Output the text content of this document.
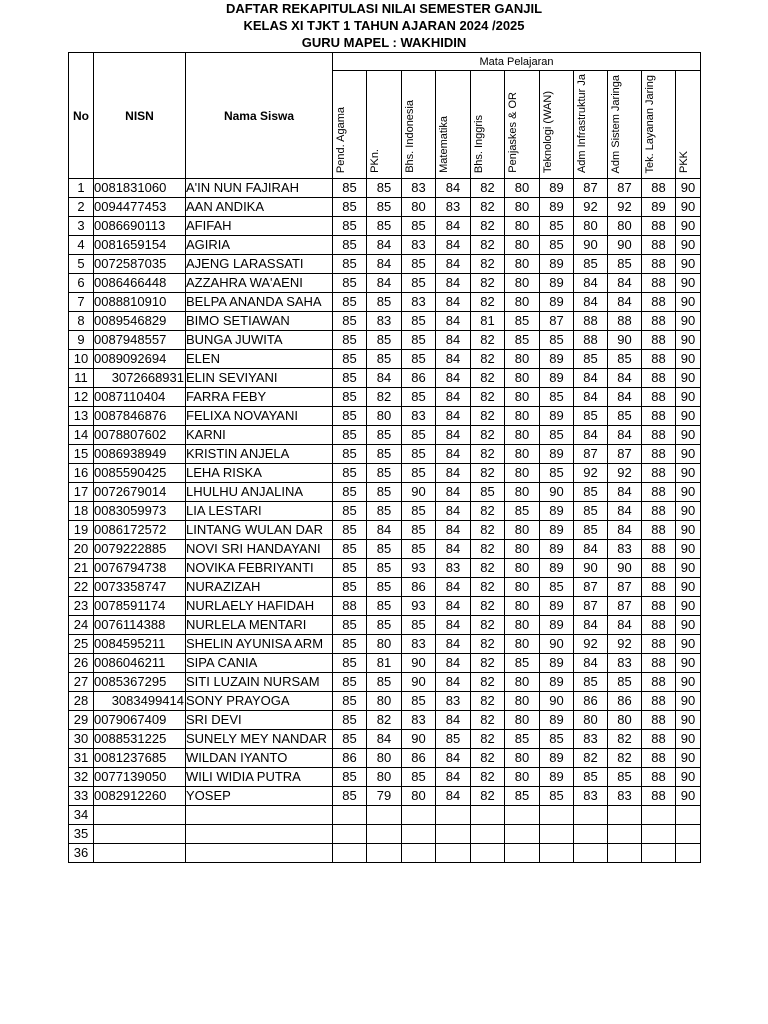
DAFTAR REKAPITULASI NILAI SEMESTER GANJIL
KELAS XI TJKT 1 TAHUN AJARAN 2024 /2025
GURU MAPEL : WAKHIDIN
No	NISN	Nama Siswa	Mata Pelajaran										
			Pend. Agama	PKn.	Bhs. Indonesia	Matematika	Bhs. Inggris	Penjaskes & OR	Teknologi (WAN)	Adm Infrastruktur Ja	Adm Sistem Jaringa	Tek. Layanan Jaring	PKK
1	0081831060	A'IN NUN FAJIRAH	85	85	83	84	82	80	89	87	87	88	90
2	0094477453	AAN ANDIKA	85	85	80	83	82	80	89	92	92	89	90
3	0086690113	AFIFAH	85	85	85	84	82	80	85	80	80	88	90
4	0081659154	AGIRIA	85	84	83	84	82	80	85	90	90	88	90
5	0072587035	AJENG LARASSATI	85	84	85	84	82	80	89	85	85	88	90
6	0086466448	AZZAHRA WA'AENI	85	84	85	84	82	80	89	84	84	88	90
7	0088810910	BELPA ANANDA SAHA	85	85	83	84	82	80	89	84	84	88	90
8	0089546829	BIMO SETIAWAN	85	83	85	84	81	85	87	88	88	88	90
9	0087948557	BUNGA JUWITA	85	85	85	84	82	85	85	88	90	88	90
10	0089092694	ELEN	85	85	85	84	82	80	89	85	85	88	90
11	3072668931	ELIN SEVIYANI	85	84	86	84	82	80	89	84	84	88	90
12	0087110404	FARRA FEBY	85	82	85	84	82	80	85	84	84	88	90
13	0087846876	FELIXA NOVAYANI	85	80	83	84	82	80	89	85	85	88	90
14	0078807602	KARNI	85	85	85	84	82	80	85	84	84	88	90
15	0086938949	KRISTIN ANJELA	85	85	85	84	82	80	89	87	87	88	90
16	0085590425	LEHA RISKA	85	85	85	84	82	80	85	92	92	88	90
17	0072679014	LHULHU ANJALINA	85	85	90	84	85	80	90	85	84	88	90
18	0083059973	LIA LESTARI	85	85	85	84	82	85	89	85	84	88	90
19	0086172572	LINTANG WULAN DAR	85	84	85	84	82	80	89	85	84	88	90
20	0079222885	NOVI SRI HANDAYANI	85	85	85	84	82	80	89	84	83	88	90
21	0076794738	NOVIKA FEBRIYANTI	85	85	93	83	82	80	89	90	90	88	90
22	0073358747	NURAZIZAH	85	85	86	84	82	80	85	87	87	88	90
23	0078591174	NURLAELY HAFIDAH	88	85	93	84	82	80	89	87	87	88	90
24	0076114388	NURLELA MENTARI	85	85	85	84	82	80	89	84	84	88	90
25	0084595211	SHELIN AYUNISA ARM	85	80	83	84	82	80	90	92	92	88	90
26	0086046211	SIPA CANIA	85	81	90	84	82	85	89	84	83	88	90
27	0085367295	SITI LUZAIN NURSAM	85	85	90	84	82	80	89	85	85	88	90
28	3083499414	SONY PRAYOGA	85	80	85	83	82	80	90	86	86	88	90
29	0079067409	SRI DEVI	85	82	83	84	82	80	89	80	80	88	90
30	0088531225	SUNELY MEY NANDAR	85	84	90	85	82	85	85	83	82	88	90
31	0081237685	WILDAN IYANTO	86	80	86	84	82	80	89	82	82	88	90
32	0077139050	WILI WIDIA PUTRA	85	80	85	84	82	80	89	85	85	88	90
33	0082912260	YOSEP	85	79	80	84	82	85	85	83	83	88	90
34													
35													
36													
